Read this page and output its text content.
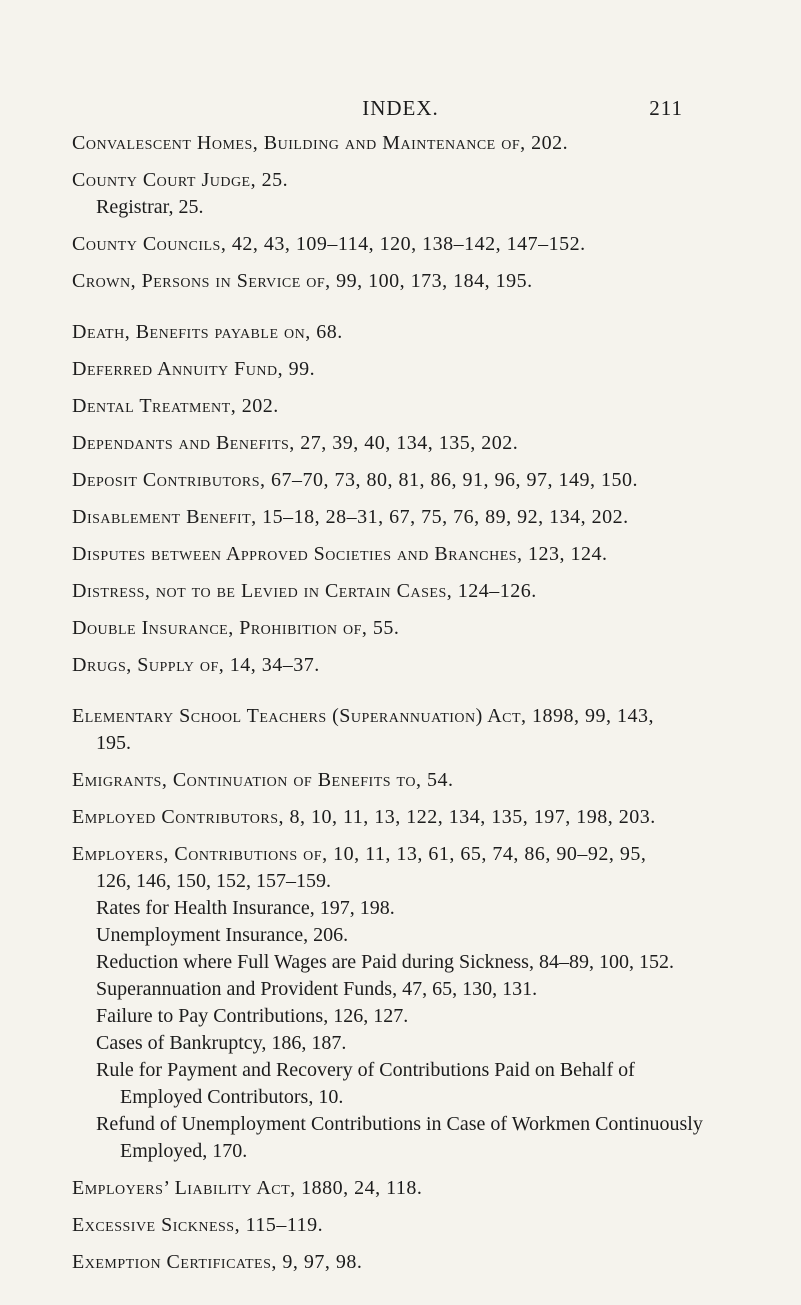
INDEX.	211

Convalescent Homes, Building and Maintenance of, 202.

County Court Judge, 25.

Registrar, 25.

County Councils, 42, 43, 109–114, 120, 138–142, 147–152.

Crown, Persons in Service of, 99, 100, 173, 184, 195.

Death, Benefits payable on, 68.

Deferred Annuity Fund, 99.

Dental Treatment, 202.

Dependants and Benefits, 27, 39, 40, 134, 135, 202.

Deposit Contributors, 67–70, 73, 80, 81, 86, 91, 96, 97, 149, 150.

Disablement Benefit, 15–18, 28–31, 67, 75, 76, 89, 92, 134, 202.

Disputes between Approved Societies and Branches, 123, 124.

Distress, not to be Levied in Certain Cases, 124–126.

Double Insurance, Prohibition of, 55.

Drugs, Supply of, 14, 34–37.

Elementary School Teachers (Superannuation) Act, 1898, 99, 143,

195.

Emigrants, Continuation of Benefits to, 54.

Employed Contributors, 8, 10, 11, 13, 122, 134, 135, 197, 198, 203.

Employers, Contributions of, 10, 11, 13, 61, 65, 74, 86, 90–92, 95,

126, 146, 150, 152, 157–159.

Rates for Health Insurance, 197, 198.

Unemployment Insurance, 206.

Reduction where Full Wages are Paid during Sickness, 84–89, 100, 152.

Superannuation and Provident Funds, 47, 65, 130, 131.

Failure to Pay Contributions, 126, 127.

Cases of Bankruptcy, 186, 187.

Rule for Payment and Recovery of Contributions Paid on Behalf of

Employed Contributors, 10.

Refund of Unemployment Contributions in Case of Workmen Continuously

Employed, 170.

Employers’ Liability Act, 1880, 24, 118.

Excessive Sickness, 115–119.

Exemption Certificates, 9, 97, 98.
